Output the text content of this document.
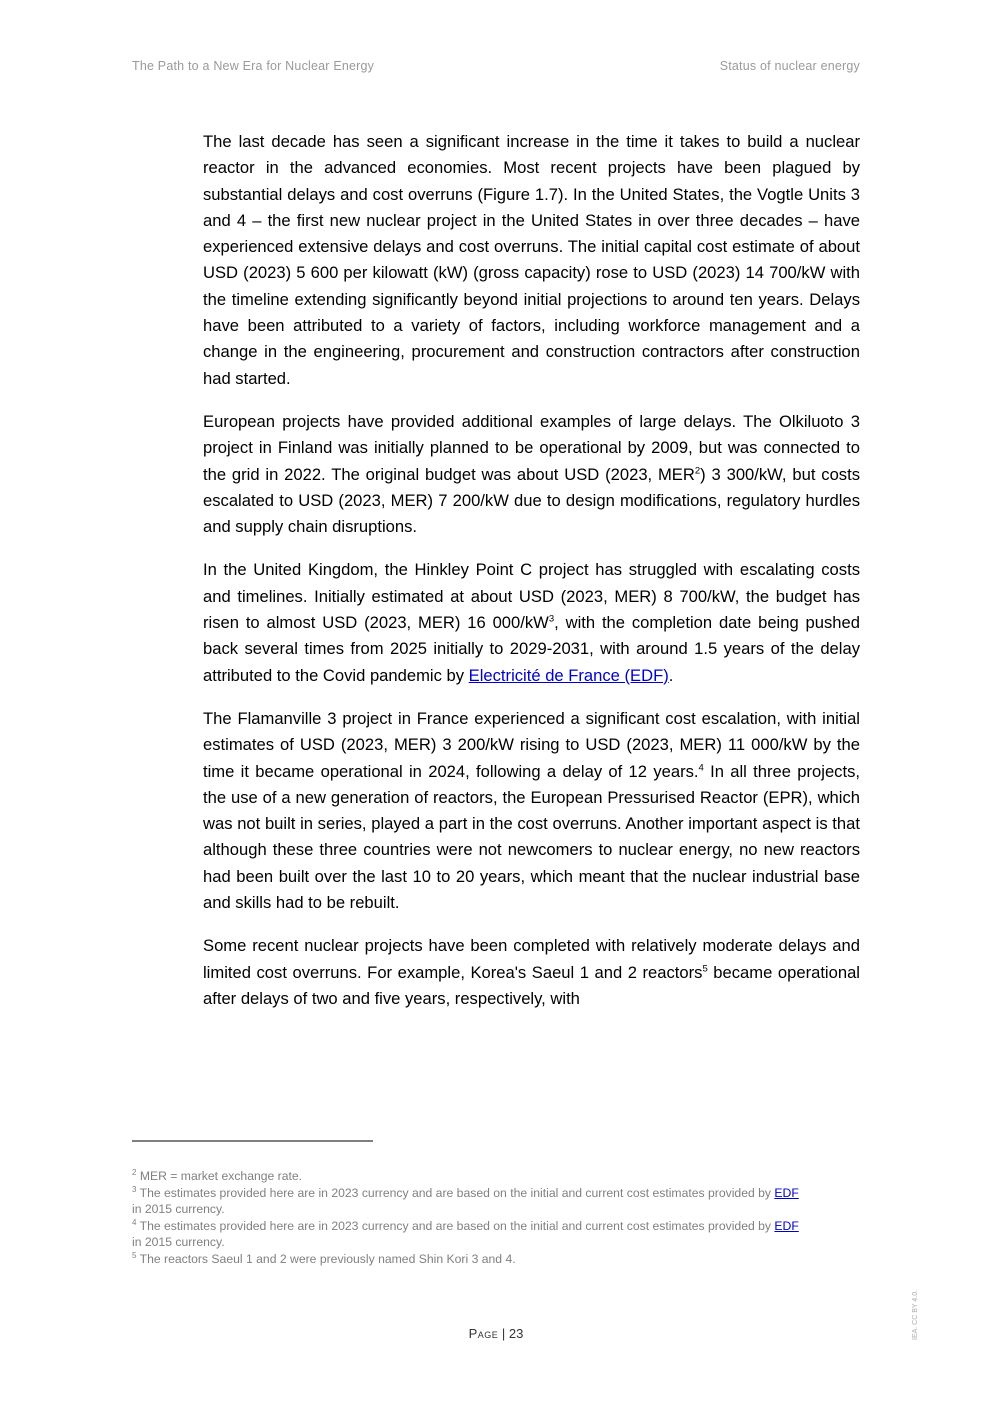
The Path to a New Era for Nuclear Energy	Status of nuclear energy

The last decade has seen a significant increase in the time it takes to build a nuclear reactor in the advanced economies. Most recent projects have been plagued by substantial delays and cost overruns (Figure 1.7). In the United States, the Vogtle Units 3 and 4 – the first new nuclear project in the United States in over three decades – have experienced extensive delays and cost overruns. The initial capital cost estimate of about USD (2023) 5 600 per kilowatt (kW) (gross capacity) rose to USD (2023) 14 700/kW with the timeline extending significantly beyond initial projections to around ten years. Delays have been attributed to a variety of factors, including workforce management and a change in the engineering, procurement and construction contractors after construction had started.

European projects have provided additional examples of large delays. The Olkiluoto 3 project in Finland was initially planned to be operational by 2009, but was connected to the grid in 2022. The original budget was about USD (2023, MER$^2$) 3 300/kW, but costs escalated to USD (2023, MER) 7 200/kW due to design modifications, regulatory hurdles and supply chain disruptions.

In the United Kingdom, the Hinkley Point C project has struggled with escalating costs and timelines. Initially estimated at about USD (2023, MER) 8 700/kW, the budget has risen to almost USD (2023, MER) 16 $000/kW^3$, with the completion date being pushed back several times from 2025 initially to 2029-2031, with around 1.5 years of the delay attributed to the Covid pandemic by Electricité de France (EDF).

The Flamanville 3 project in France experienced a significant cost escalation, with initial estimates of USD (2023, MER) 3 200/kW rising to USD (2023, MER) 11 000/kW by the time it became operational in 2024, following a delay of 12 years.$^4$ In all three projects, the use of a new generation of reactors, the European Pressurised Reactor (EPR), which was not built in series, played a part in the cost overruns. Another important aspect is that although these three countries were not newcomers to nuclear energy, no new reactors had been built over the last 10 to 20 years, which meant that the nuclear industrial base and skills had to be rebuilt.

Some recent nuclear projects have been completed with relatively moderate delays and limited cost overruns. For example, Korea's Saeul 1 and 2 reactors$^5$ became operational after delays of two and five years, respectively, with

$^2$ MER = market exchange rate.

$^3$ The estimates provided here are in 2023 currency and are based on the initial and current cost estimates provided by EDF
in 2015 currency.

$^4$ The estimates provided here are in 2023 currency and are based on the initial and current cost estimates provided by EDF
in 2015 currency.

$^5$ The reactors Saeul 1 and 2 were previously named Shin Kori 3 and 4.

Page | 23	IEA. CC BY 4.0.
